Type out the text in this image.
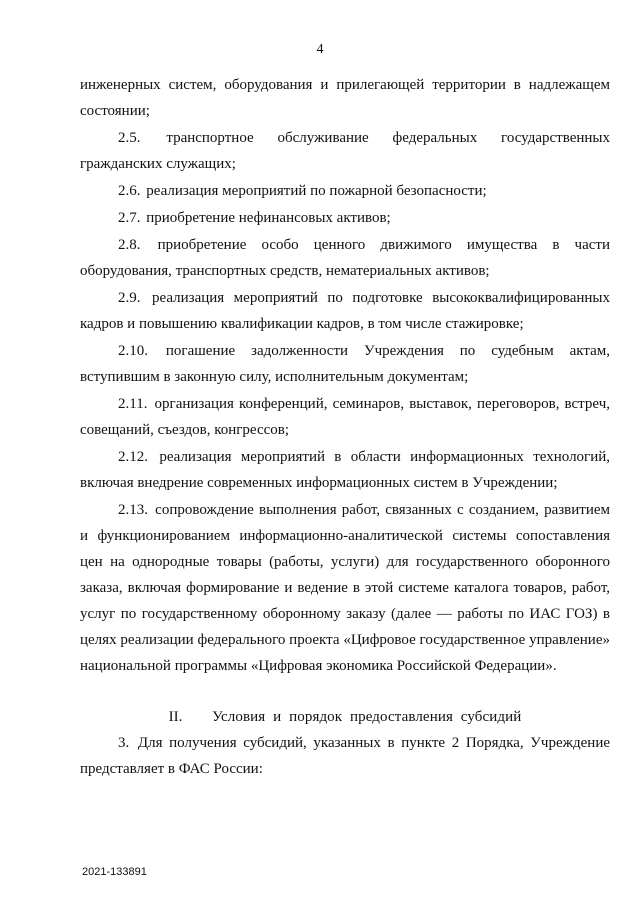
4

инженерных систем, оборудования и прилегающей территории в надлежащем состоянии;

2.5. транспортное обслуживание федеральных государственных гражданских служащих;

2.6. реализация мероприятий по пожарной безопасности;

2.7. приобретение нефинансовых активов;

2.8. приобретение особо ценного движимого имущества в части оборудования, транспортных средств, нематериальных активов;

2.9. реализация мероприятий по подготовке высококвалифицированных кадров и повышению квалификации кадров, в том числе стажировке;

2.10. погашение задолженности Учреждения по судебным актам, вступившим в законную силу, исполнительным документам;

2.11. организация конференций, семинаров, выставок, переговоров, встреч, совещаний, съездов, конгрессов;

2.12. реализация мероприятий в области информационных технологий, включая внедрение современных информационных систем в Учреждении;

2.13. сопровождение выполнения работ, связанных с созданием, развитием и функционированием информационно-аналитической системы сопоставления цен на однородные товары (работы, услуги) для государственного оборонного заказа, включая формирование и ведение в этой системе каталога товаров, работ, услуг по государственному оборонному заказу (далее — работы по ИАС ГОЗ) в целях реализации федерального проекта «Цифровое государственное управление» национальной программы «Цифровая экономика Российской Федерации».

II. Условия и порядок предоставления субсидий

3. Для получения субсидий, указанных в пункте 2 Порядка, Учреждение представляет в ФАС России:

2021-133891
